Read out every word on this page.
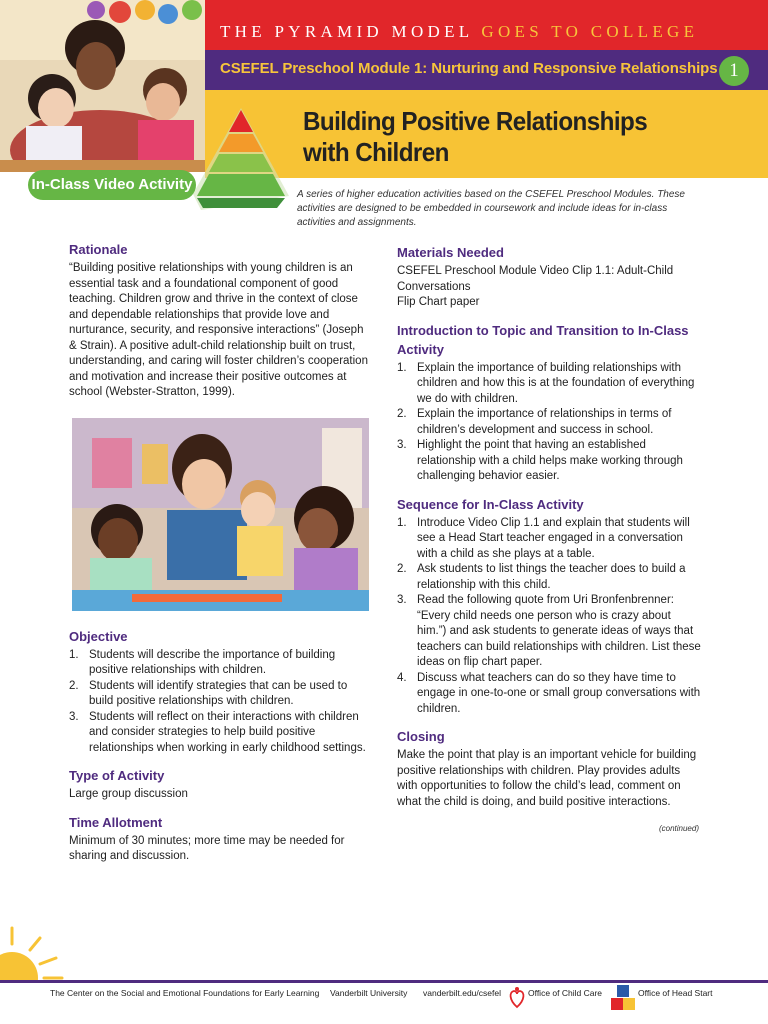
THE PYRAMID MODEL GOES TO COLLEGE
CSEFEL Preschool Module 1: Nurturing and Responsive Relationships 1
Building Positive Relationships
with Children
In-Class Video Activity
A series of higher education activities based on the CSEFEL Preschool Modules. These activities are designed to be embedded in coursework and include ideas for in-class activities and assignments.
Rationale

“Building positive relationships with young children is an essential task and a foundational component of good teaching. Children grow and thrive in the context of close and dependable relationships that provide love and nurturance, security, and responsive interactions” (Joseph & Strain). A positive adult-child relationship built on trust, understanding, and caring will foster children’s cooperation and motivation and increase their positive outcomes at school (Webster-Stratton, 1999).

Objective
1. Students will describe the importance of building positive relationships with children.
2. Students will identify strategies that can be used to build positive relationships with children.
3. Students will reflect on their interactions with children and consider strategies to help build positive relationships when working in early childhood settings.
Type of Activity

Large group discussion

Time Allotment

Minimum of 30 minutes; more time may be needed for sharing and discussion.

Materials Needed

CSEFEL Preschool Module Video Clip 1.1: Adult-Child Conversations

Flip Chart paper

Introduction to Topic and Transition to In-Class Activity
1. Explain the importance of building relationships with children and how this is at the foundation of everything we do with children.
2. Explain the importance of relationships in terms of children’s development and success in school.
3. Highlight the point that having an established relationship with a child helps make working through challenging behavior easier.
Sequence for In-Class Activity
1. Introduce Video Clip 1.1 and explain that students will see a Head Start teacher engaged in a conversation with a child as she plays at a table.
2. Ask students to list things the teacher does to build a relationship with this child.
3. Read the following quote from Uri Bronfenbrenner: “Every child needs one person who is crazy about him.”) and ask students to generate ideas of ways that teachers can build relationships with children. List these ideas on flip chart paper.
4. Discuss what teachers can do so they have time to engage in one-to-one or small group conversations with children.
Closing

Make the point that play is an important vehicle for building positive relationships with children. Play provides adults with opportunities to follow the child’s lead, comment on what the child is doing, and build positive interactions.

(continued)
The Center on the Social and Emotional Foundations for Early Learning Vanderbilt University vanderbilt.edu/csefel	Office of Child Care	Office of Head Start
